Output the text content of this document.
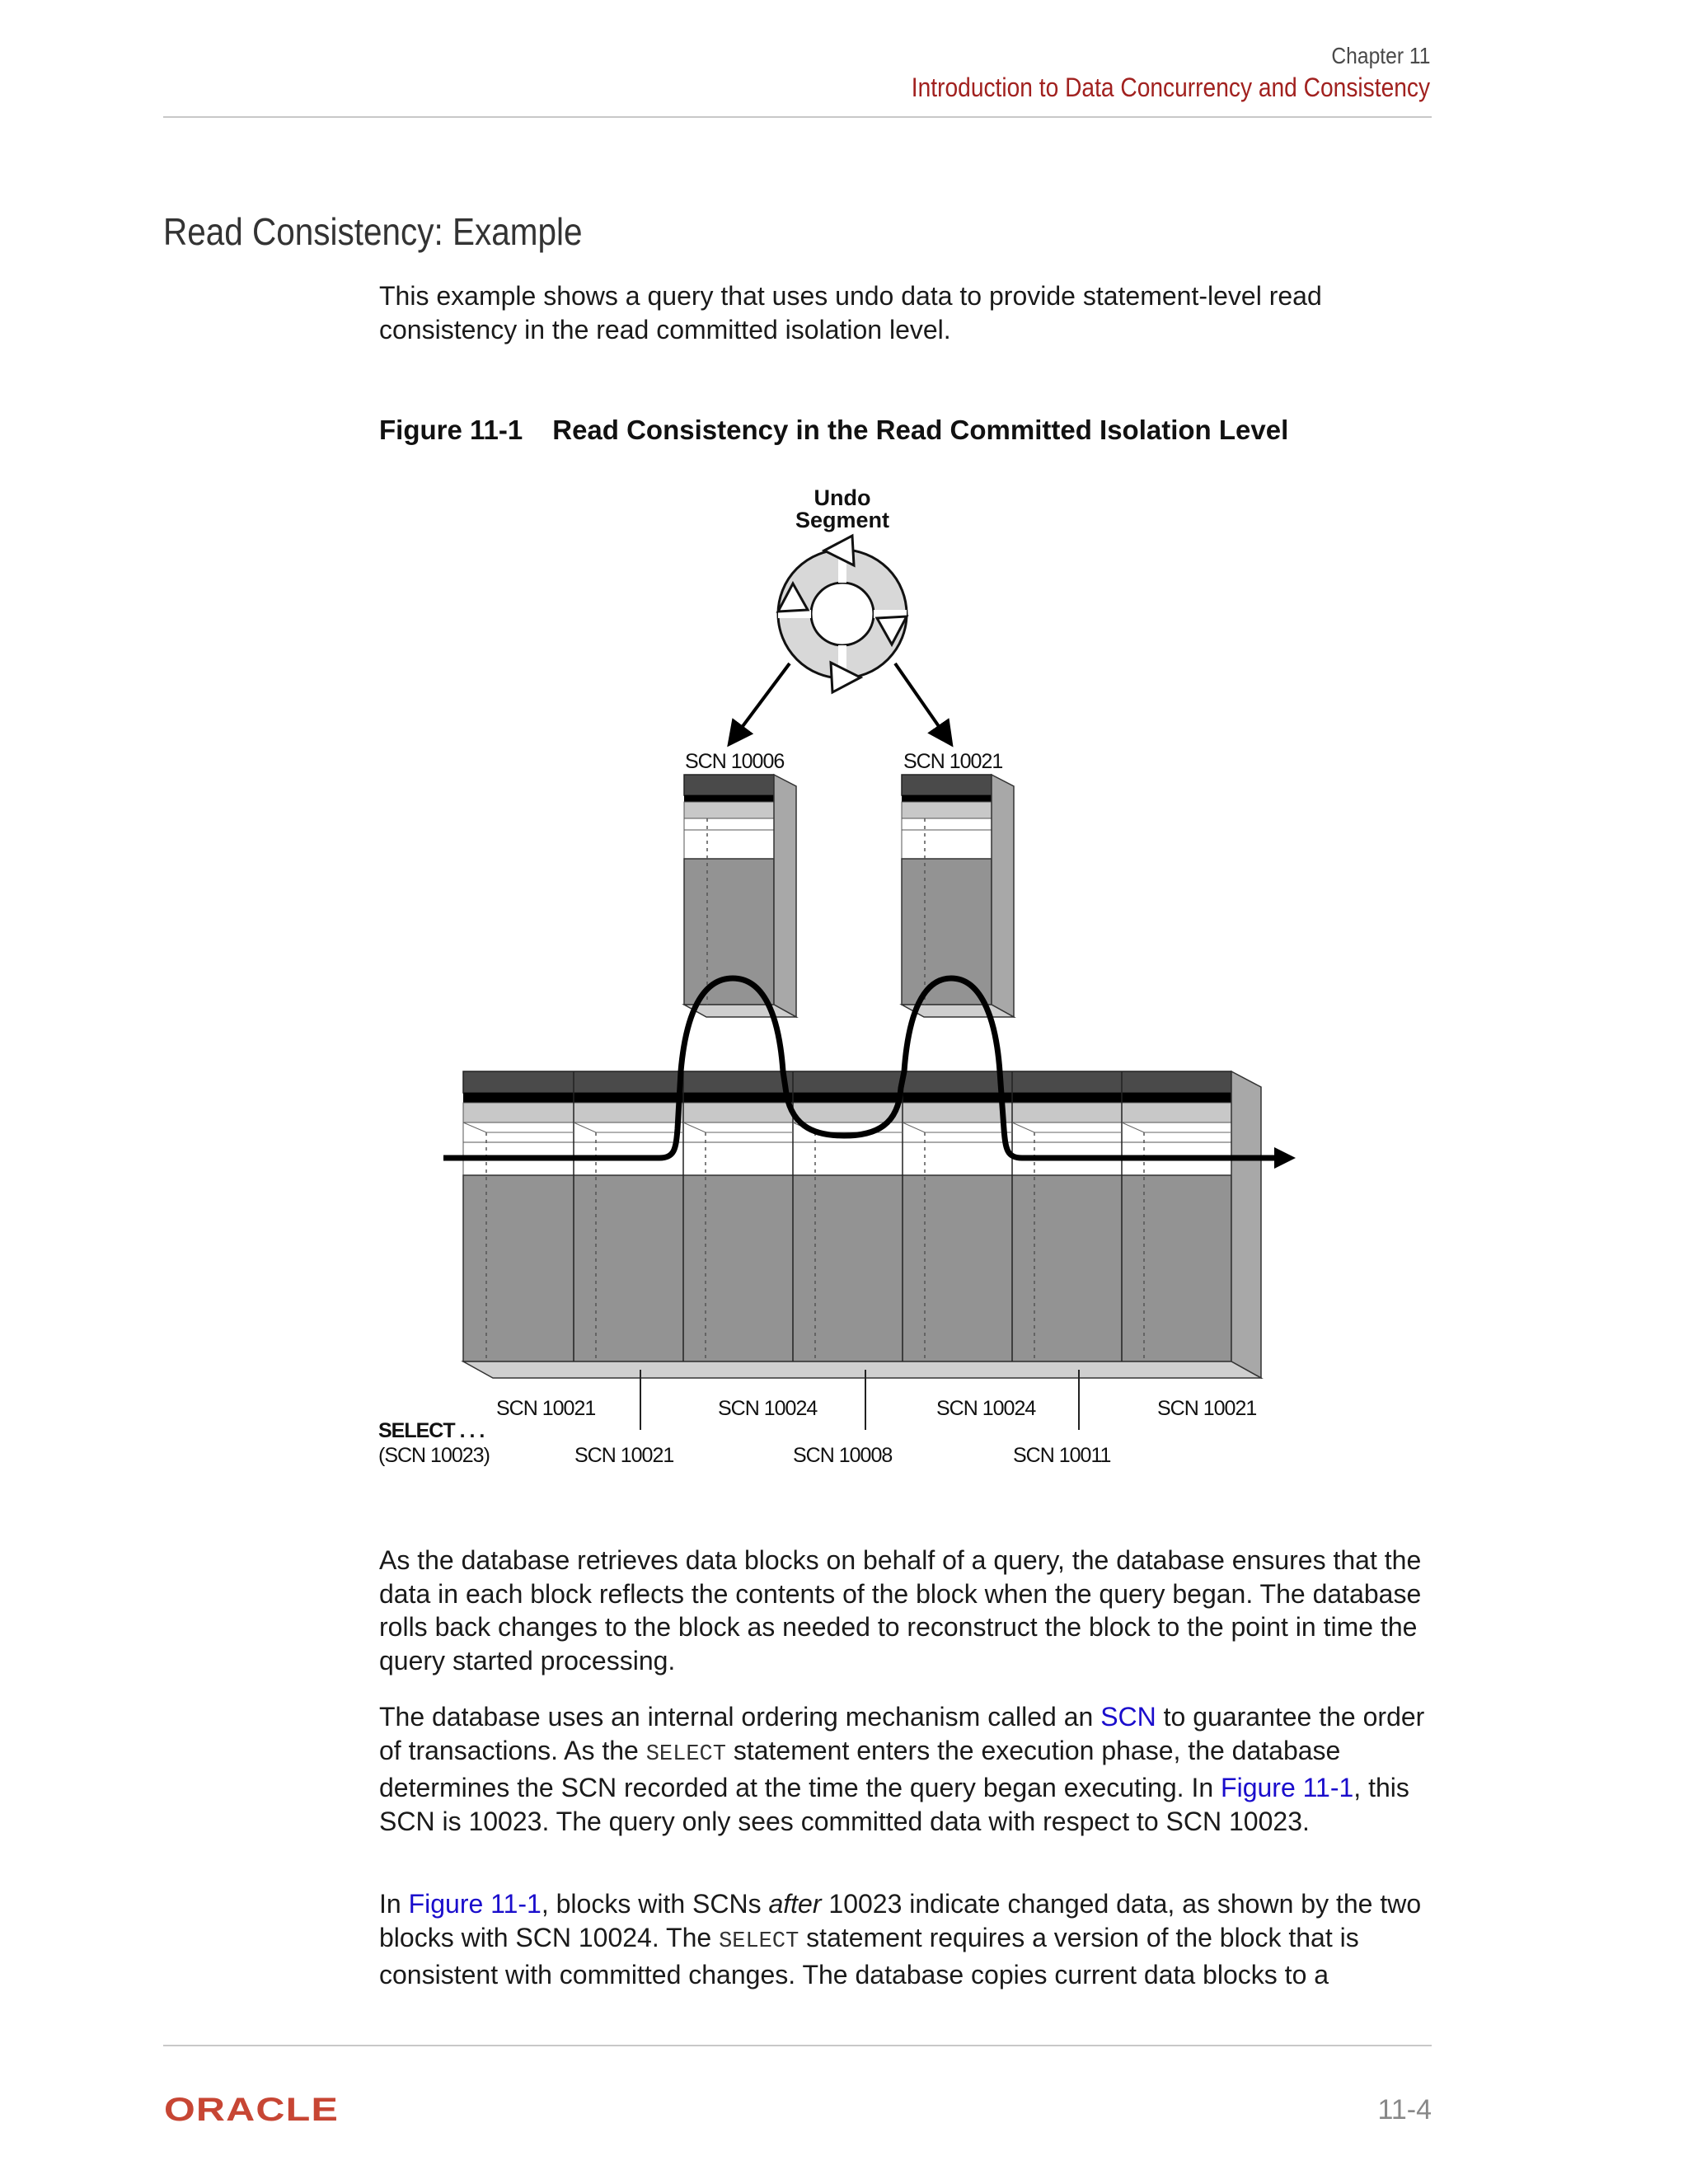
Chapter 11
Introduction to Data Concurrency and Consistency
Read Consistency: Example

This example shows a query that uses undo data to provide statement-level read consistency in the read committed isolation level.

Figure 11-1 Read Consistency in the Read Committed Isolation Level
Undo
Segment
SCN 10006	SCN 10021
SCN 10021	SCN 10024	SCN 10024	SCN 10021
SCN 10021	SCN 10008	SCN 10011
SELECT . . .
(SCN 10023)

As the database retrieves data blocks on behalf of a query, the database ensures that the data in each block reflects the contents of the block when the query began. The database rolls back changes to the block as needed to reconstruct the block to the point in time the query started processing.

The database uses an internal ordering mechanism called an SCN to guarantee the order of transactions. As the SELECT statement enters the execution phase, the database determines the SCN recorded at the time the query began executing. In Figure 11-1, this SCN is 10023. The query only sees committed data with respect to SCN 10023.

In Figure 11-1, blocks with SCNs after 10023 indicate changed data, as shown by the two blocks with SCN 10024. The SELECT statement requires a version of the block that is consistent with committed changes. The database copies current data blocks to a

ORACLE	11-4
